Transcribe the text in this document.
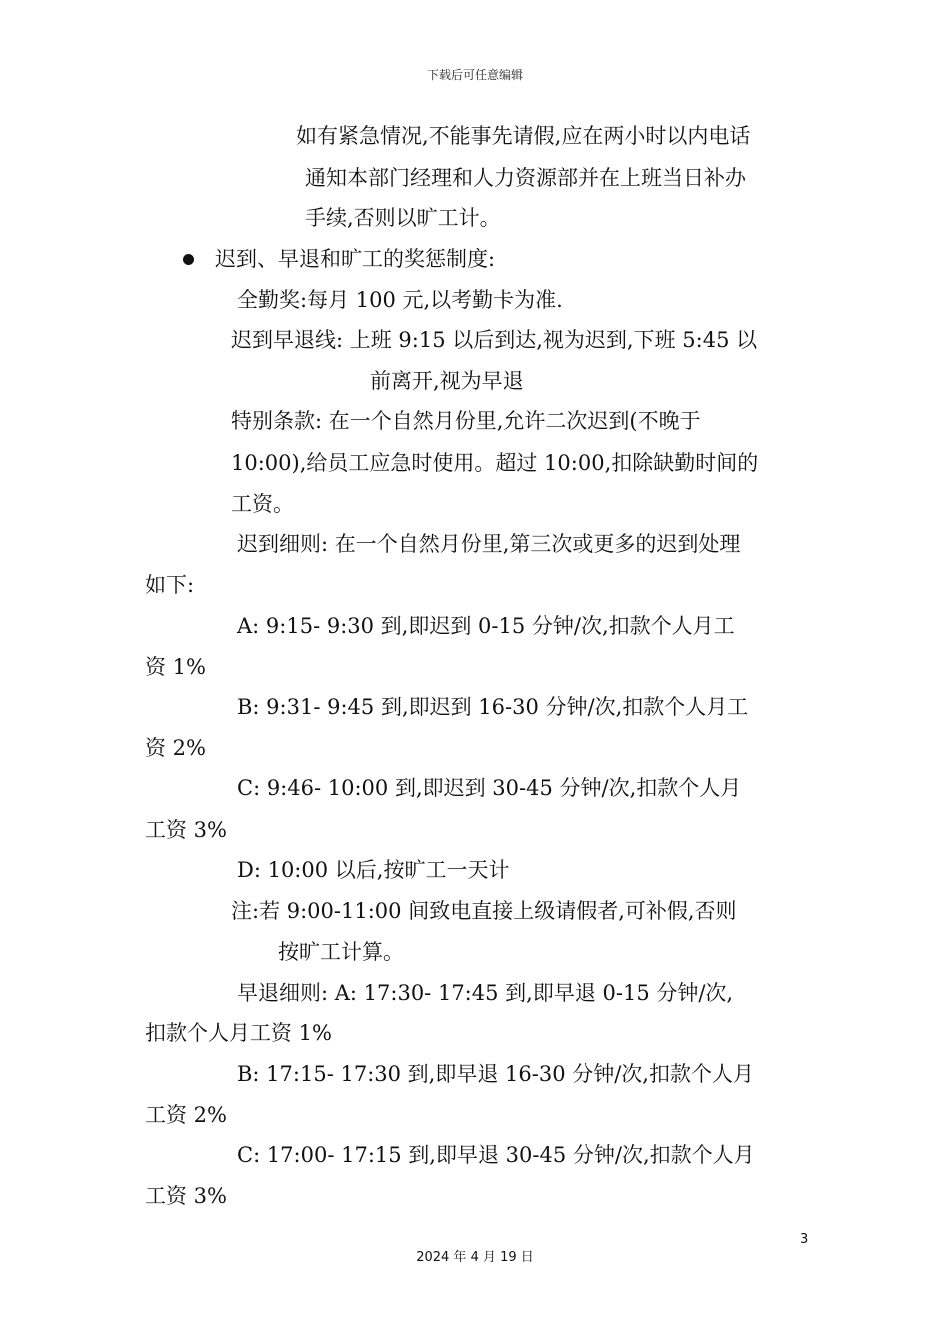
下载后可任意编辑
如有紧急情况,不能事先请假,应在两小时以内电话
通知本部门经理和人力资源部并在上班当日补办
手续,否则以旷工计。
迟到、早退和旷工的奖惩制度:
全勤奖:每月 100 元,以考勤卡为准.
迟到早退线: 上班 9:15 以后到达,视为迟到,下班 5:45 以
前离开,视为早退
特别条款: 在一个自然月份里,允许二次迟到(不晚于
10:00),给员工应急时使用。超过 10:00,扣除缺勤时间的
工资。
迟到细则: 在一个自然月份里,第三次或更多的迟到处理
如下:
A: 9:15- 9:30 到,即迟到 0-15 分钟/次,扣款个人月工
资 1%
B: 9:31- 9:45 到,即迟到 16-30 分钟/次,扣款个人月工
资 2%
C: 9:46- 10:00 到,即迟到 30-45 分钟/次,扣款个人月
工资 3%
D: 10:00 以后,按旷工一天计
注:若 9:00-11:00 间致电直接上级请假者,可补假,否则
按旷工计算。
早退细则: A: 17:30- 17:45 到,即早退 0-15 分钟/次,
扣款个人月工资 1%
B: 17:15- 17:30 到,即早退 16-30 分钟/次,扣款个人月
工资 2%
C: 17:00- 17:15 到,即早退 30-45 分钟/次,扣款个人月
工资 3%
3
2024 年 4 月 19 日
